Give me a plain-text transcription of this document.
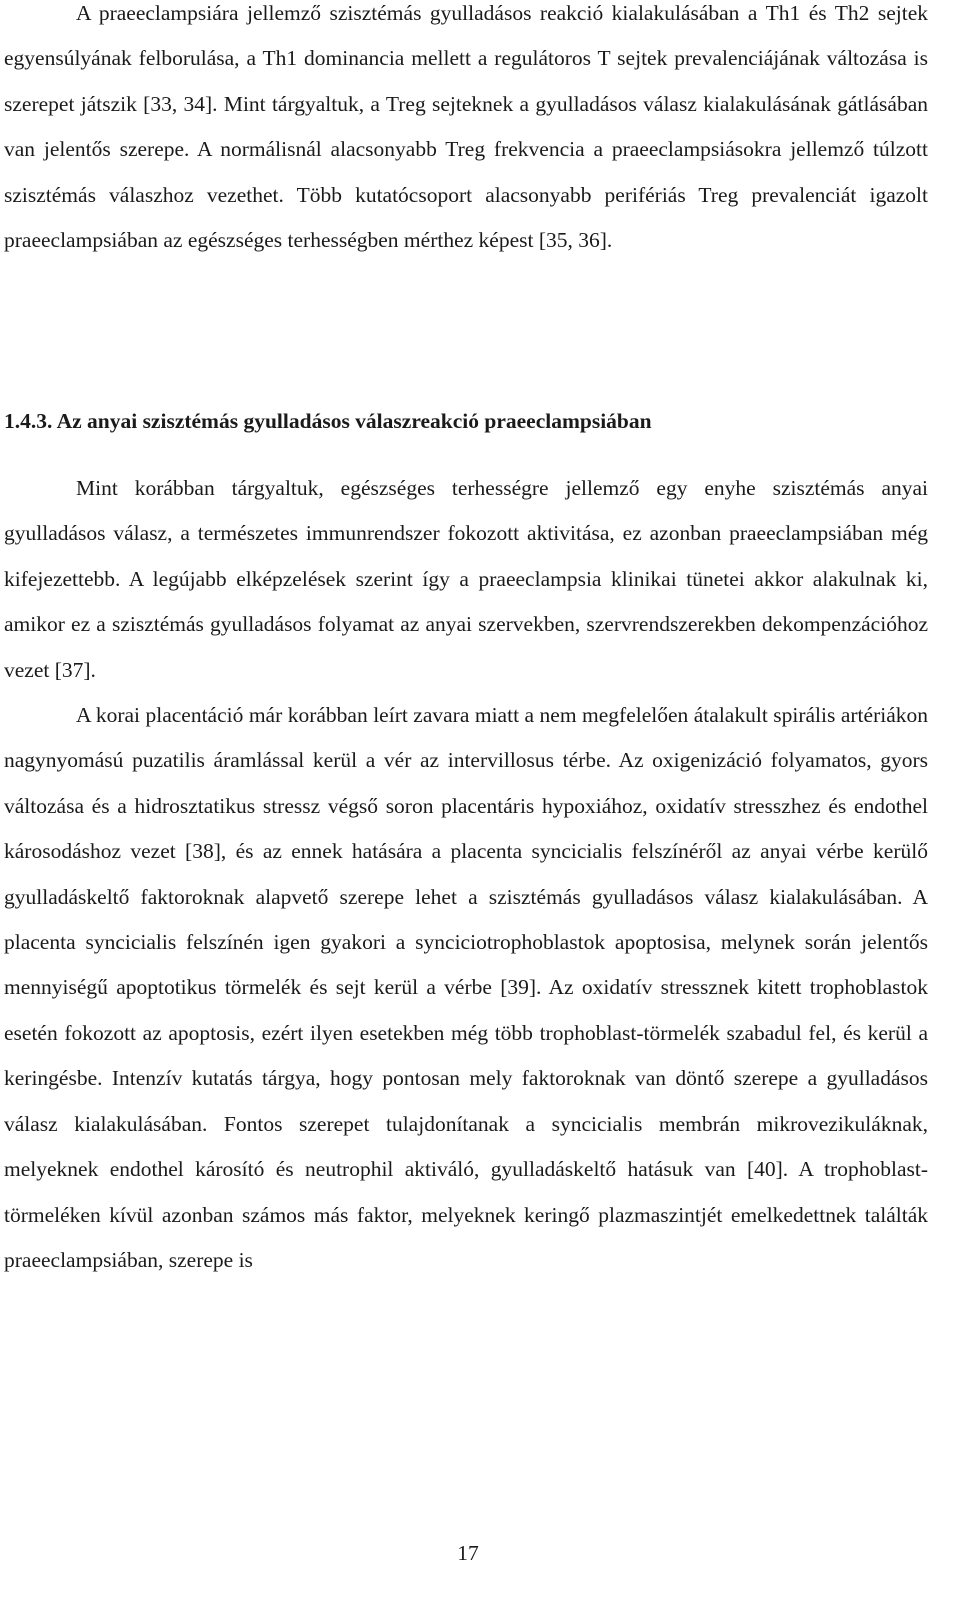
A praeeclampsiára jellemző szisztémás gyulladásos reakció kialakulásában a Th1 és Th2 sejtek egyensúlyának felborulása, a Th1 dominancia mellett a regulátoros T sejtek prevalenciájának változása is szerepet játszik [33, 34]. Mint tárgyaltuk, a Treg sejteknek a gyulladásos válasz kialakulásának gátlásában van jelentős szerepe. A normálisnál alacsonyabb Treg frekvencia a praeeclampsiásokra jellemző túlzott szisztémás válaszhoz vezethet. Több kutatócsoport alacsonyabb perifériás Treg prevalenciát igazolt praeeclampsiában az egészséges terhességben mérthez képest [35, 36].

1.4.3. Az anyai szisztémás gyulladásos válaszreakció praeeclampsiában

Mint korábban tárgyaltuk, egészséges terhességre jellemző egy enyhe szisztémás anyai gyulladásos válasz, a természetes immunrendszer fokozott aktivitása, ez azonban praeeclampsiában még kifejezettebb. A legújabb elképzelések szerint így a praeeclampsia klinikai tünetei akkor alakulnak ki, amikor ez a szisztémás gyulladásos folyamat az anyai szervekben, szervrendszerekben dekompenzációhoz vezet [37].

A korai placentáció már korábban leírt zavara miatt a nem megfelelően átalakult spirális artériákon nagynyomású puzatilis áramlással kerül a vér az intervillosus térbe. Az oxigenizáció folyamatos, gyors változása és a hidrosztatikus stressz végső soron placentáris hypoxiához, oxidatív stresszhez és endothel károsodáshoz vezet [38], és az ennek hatására a placenta syncicialis felszínéről az anyai vérbe kerülő gyulladáskeltő faktoroknak alapvető szerepe lehet a szisztémás gyulladásos válasz kialakulásában. A placenta syncicialis felszínén igen gyakori a synciciotrophoblastok apoptosisa, melynek során jelentős mennyiségű apoptotikus törmelék és sejt kerül a vérbe [39]. Az oxidatív stressznek kitett trophoblastok esetén fokozott az apoptosis, ezért ilyen esetekben még több trophoblast-törmelék szabadul fel, és kerül a keringésbe. Intenzív kutatás tárgya, hogy pontosan mely faktoroknak van döntő szerepe a gyulladásos válasz kialakulásában. Fontos szerepet tulajdonítanak a syncicialis membrán mikrovezikuláknak, melyeknek endothel károsító és neutrophil aktiváló, gyulladáskeltő hatásuk van [40]. A trophoblast-törmeléken kívül azonban számos más faktor, melyeknek keringő plazmaszintjét emelkedettnek találták praeeclampsiában, szerepe is

17
